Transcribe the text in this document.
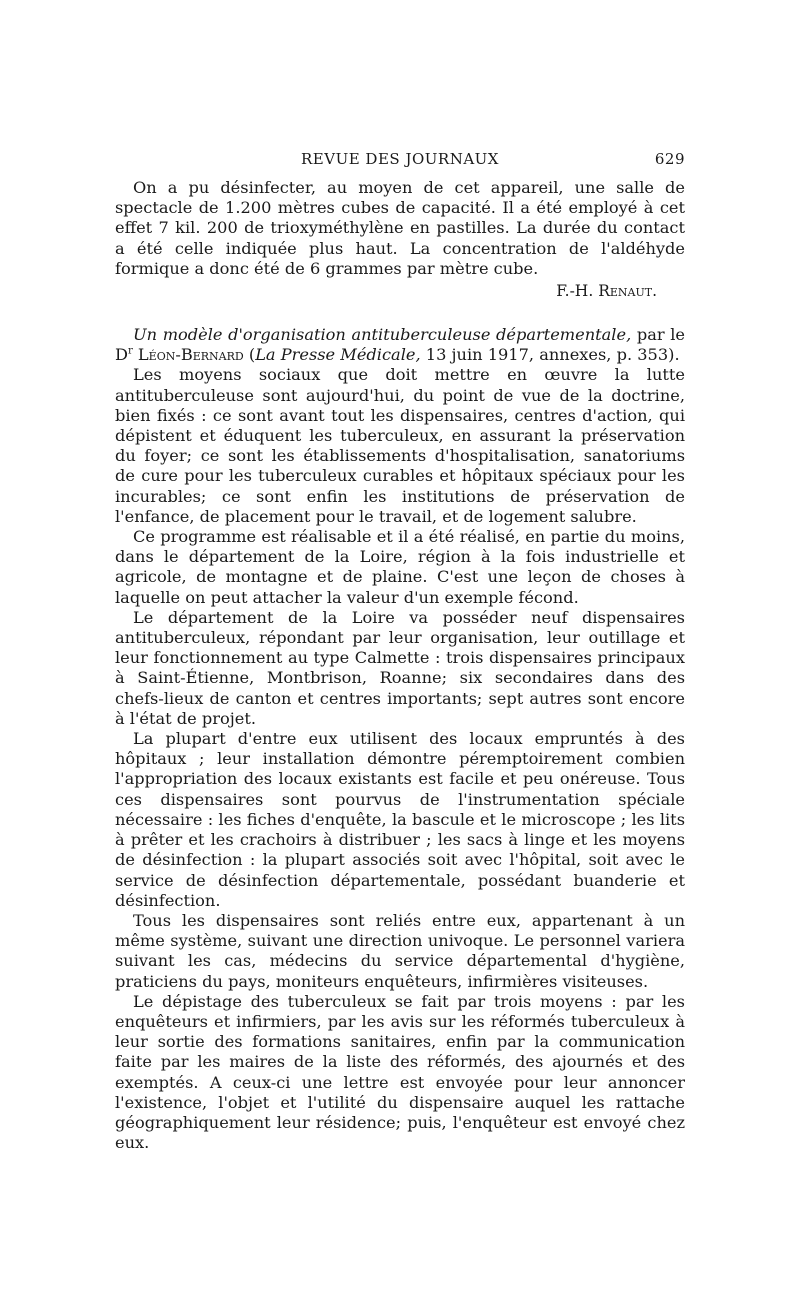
REVUE DES JOURNAUX	629

On a pu désinfecter, au moyen de cet appareil, une salle de spectacle de 1.200 mètres cubes de capacité. Il a été employé à cet effet 7 kil. 200 de trioxyméthylène en pastilles. La durée du contact a été celle indiquée plus haut. La concentration de l'aldéhyde formique a donc été de 6 grammes par mètre cube.

F.-H. Renaut.

Un modèle d'organisation antituberculeuse départementale, par le $D^r$ Léon-Bernard (La Presse Médicale, 13 juin 1917, annexes, p. 353).

Les moyens sociaux que doit mettre en œuvre la lutte antituberculeuse sont aujourd'hui, du point de vue de la doctrine, bien fixés : ce sont avant tout les dispensaires, centres d'action, qui dépistent et éduquent les tuberculeux, en assurant la préservation du foyer; ce sont les établissements d'hospitalisation, sanatoriums de cure pour les tuberculeux curables et hôpitaux spéciaux pour les incurables; ce sont enfin les institutions de préservation de l'enfance, de placement pour le travail, et de logement salubre.

Ce programme est réalisable et il a été réalisé, en partie du moins, dans le département de la Loire, région à la fois industrielle et agricole, de montagne et de plaine. C'est une leçon de choses à laquelle on peut attacher la valeur d'un exemple fécond.

Le département de la Loire va posséder neuf dispensaires antituberculeux, répondant par leur organisation, leur outillage et leur fonctionnement au type Calmette : trois dispensaires principaux à Saint-Étienne, Montbrison, Roanne; six secondaires dans des chefs-lieux de canton et centres importants; sept autres sont encore à l'état de projet.

La plupart d'entre eux utilisent des locaux empruntés à des hôpitaux ; leur installation démontre péremptoirement combien l'appropriation des locaux existants est facile et peu onéreuse. Tous ces dispensaires sont pourvus de l'instrumentation spéciale nécessaire : les fiches d'enquête, la bascule et le microscope ; les lits à prêter et les crachoirs à distribuer ; les sacs à linge et les moyens de désinfection : la plupart associés soit avec l'hôpital, soit avec le service de désinfection départementale, possédant buanderie et désinfection.

Tous les dispensaires sont reliés entre eux, appartenant à un même système, suivant une direction univoque. Le personnel variera suivant les cas, médecins du service départemental d'hygiène, praticiens du pays, moniteurs enquêteurs, infirmières visiteuses.

Le dépistage des tuberculeux se fait par trois moyens : par les enquêteurs et infirmiers, par les avis sur les réformés tuberculeux à leur sortie des formations sanitaires, enfin par la communication faite par les maires de la liste des réformés, des ajournés et des exemptés. A ceux-ci une lettre est envoyée pour leur annoncer l'existence, l'objet et l'utilité du dispensaire auquel les rattache géographiquement leur résidence; puis, l'enquêteur est envoyé chez eux.
